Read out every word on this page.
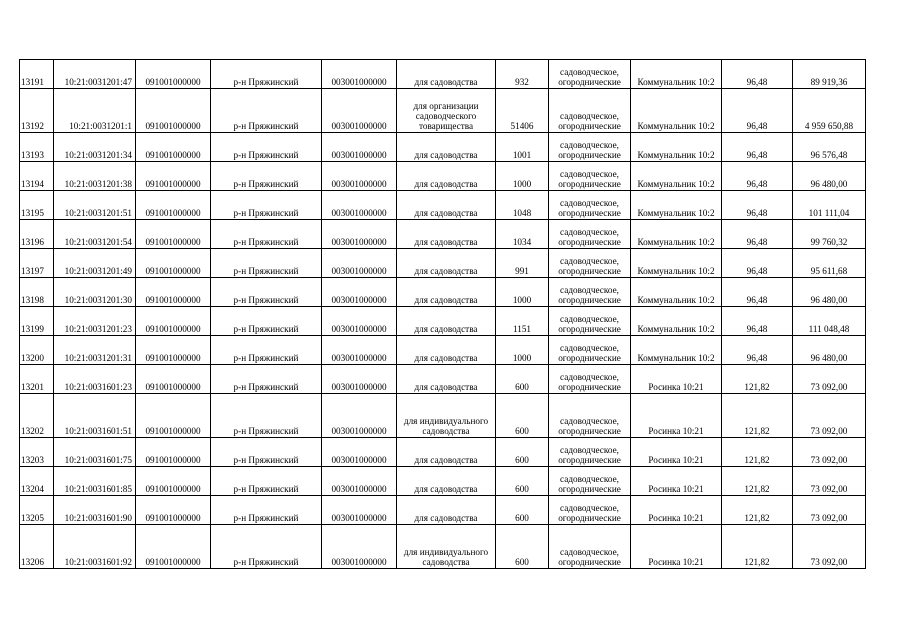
13191	10:21:0031201:47	091001000000	р-н Пряжинский	003001000000	для садоводства	932	садоводческое, огороднические	Коммунальник 10:2	96,48	89 919,36
13192	10:21:0031201:1	091001000000	р-н Пряжинский	003001000000	для организации садоводческого товарищества	51406	садоводческое, огороднические	Коммунальник 10:2	96,48	4 959 650,88
13193	10:21:0031201:34	091001000000	р-н Пряжинский	003001000000	для садоводства	1001	садоводческое, огороднические	Коммунальник 10:2	96,48	96 576,48
13194	10:21:0031201:38	091001000000	р-н Пряжинский	003001000000	для садоводства	1000	садоводческое, огороднические	Коммунальник 10:2	96,48	96 480,00
13195	10:21:0031201:51	091001000000	р-н Пряжинский	003001000000	для садоводства	1048	садоводческое, огороднические	Коммунальник 10:2	96,48	101 111,04
13196	10:21:0031201:54	091001000000	р-н Пряжинский	003001000000	для садоводства	1034	садоводческое, огороднические	Коммунальник 10:2	96,48	99 760,32
13197	10:21:0031201:49	091001000000	р-н Пряжинский	003001000000	для садоводства	991	садоводческое, огороднические	Коммунальник 10:2	96,48	95 611,68
13198	10:21:0031201:30	091001000000	р-н Пряжинский	003001000000	для садоводства	1000	садоводческое, огороднические	Коммунальник 10:2	96,48	96 480,00
13199	10:21:0031201:23	091001000000	р-н Пряжинский	003001000000	для садоводства	1151	садоводческое, огороднические	Коммунальник 10:2	96,48	111 048,48
13200	10:21:0031201:31	091001000000	р-н Пряжинский	003001000000	для садоводства	1000	садоводческое, огороднические	Коммунальник 10:2	96,48	96 480,00
13201	10:21:0031601:23	091001000000	р-н Пряжинский	003001000000	для садоводства	600	садоводческое, огороднические	Росинка 10:21	121,82	73 092,00
13202	10:21:0031601:51	091001000000	р-н Пряжинский	003001000000	для индивидуального садоводства	600	садоводческое, огороднические	Росинка 10:21	121,82	73 092,00
13203	10:21:0031601:75	091001000000	р-н Пряжинский	003001000000	для садоводства	600	садоводческое, огороднические	Росинка 10:21	121,82	73 092,00
13204	10:21:0031601:85	091001000000	р-н Пряжинский	003001000000	для садоводства	600	садоводческое, огороднические	Росинка 10:21	121,82	73 092,00
13205	10:21:0031601:90	091001000000	р-н Пряжинский	003001000000	для садоводства	600	садоводческое, огороднические	Росинка 10:21	121,82	73 092,00
13206	10:21:0031601:92	091001000000	р-н Пряжинский	003001000000	для индивидуального садоводства	600	садоводческое, огороднические	Росинка 10:21	121,82	73 092,00
